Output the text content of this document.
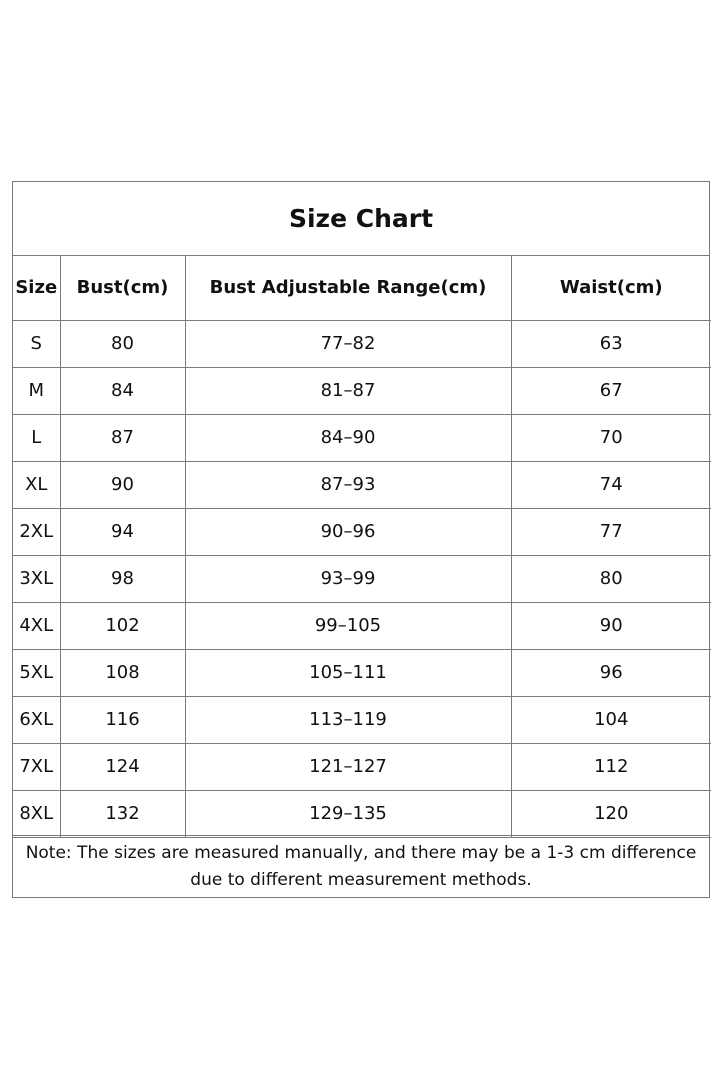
Size Chart
Size	Bust(cm)	Bust Adjustable Range(cm)	Waist(cm)
S	80	77–82	63
M	84	81–87	67
L	87	84–90	70
XL	90	87–93	74
2XL	94	90–96	77
3XL	98	93–99	80
4XL	102	99–105	90
5XL	108	105–111	96
6XL	116	113–119	104
7XL	124	121–127	112
8XL	132	129–135	120
Note: The sizes are measured manually, and there may be a 1-3 cm difference due to different measurement methods.
